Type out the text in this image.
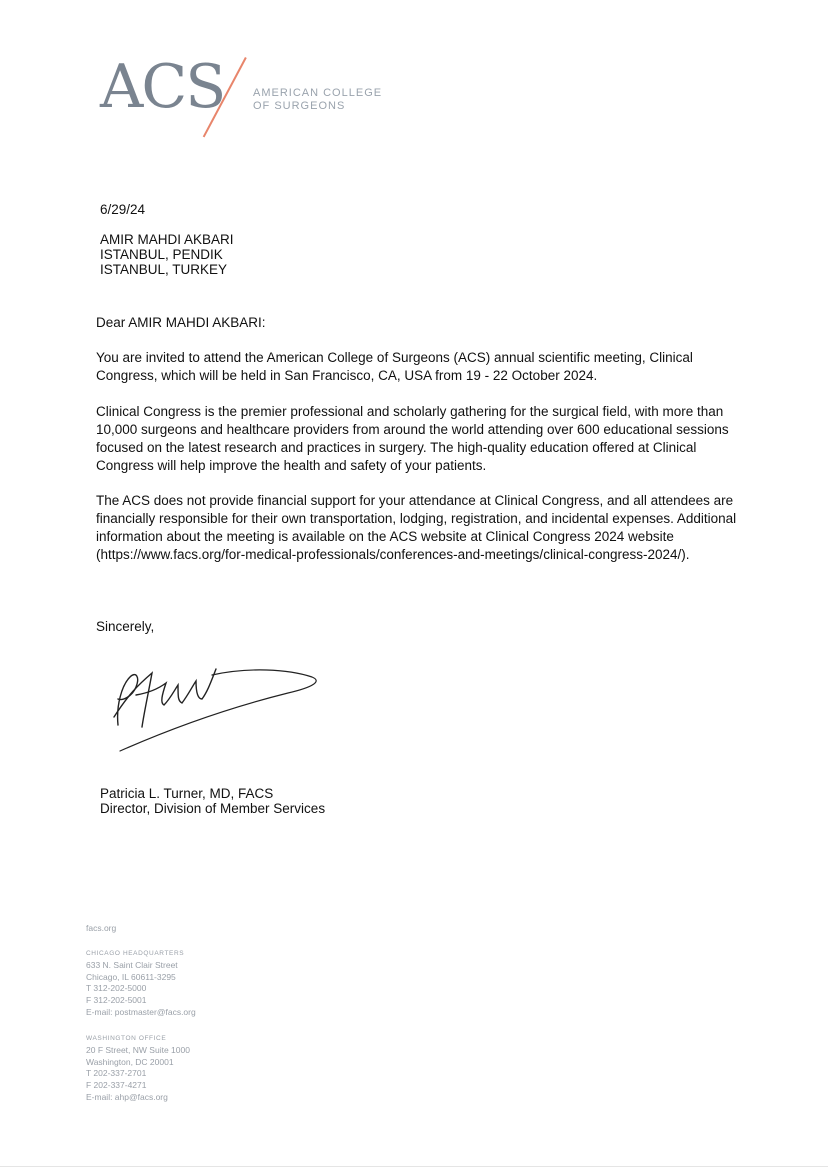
ACS	AMERICAN COLLEGE
OF SURGEONS
6/29/24
AMIR MAHDI AKBARI
ISTANBUL, PENDIK
ISTANBUL, TURKEY
Dear AMIR MAHDI AKBARI:
You are invited to attend the American College of Surgeons (ACS) annual scientific meeting, Clinical
Congress, which will be held in San Francisco, CA, USA from 19 - 22 October 2024.
Clinical Congress is the premier professional and scholarly gathering for the surgical field, with more than
10,000 surgeons and healthcare providers from around the world attending over 600 educational sessions
focused on the latest research and practices in surgery. The high-quality education offered at Clinical
Congress will help improve the health and safety of your patients.
The ACS does not provide financial support for your attendance at Clinical Congress, and all attendees are
financially responsible for their own transportation, lodging, registration, and incidental expenses. Additional
information about the meeting is available on the ACS website at Clinical Congress 2024 website
(https://www.facs.org/for-medical-professionals/conferences-and-meetings/clinical-congress-2024/).
Sincerely,
Patricia L. Turner, MD, FACS
Director, Division of Member Services
facs.org
CHICAGO HEADQUARTERS
633 N. Saint Clair Street
Chicago, IL 60611-3295
T 312-202-5000
F 312-202-5001
E-mail: postmaster@facs.org
WASHINGTON OFFICE
20 F Street, NW Suite 1000
Washington, DC 20001
T 202-337-2701
F 202-337-4271
E-mail: ahp@facs.org
